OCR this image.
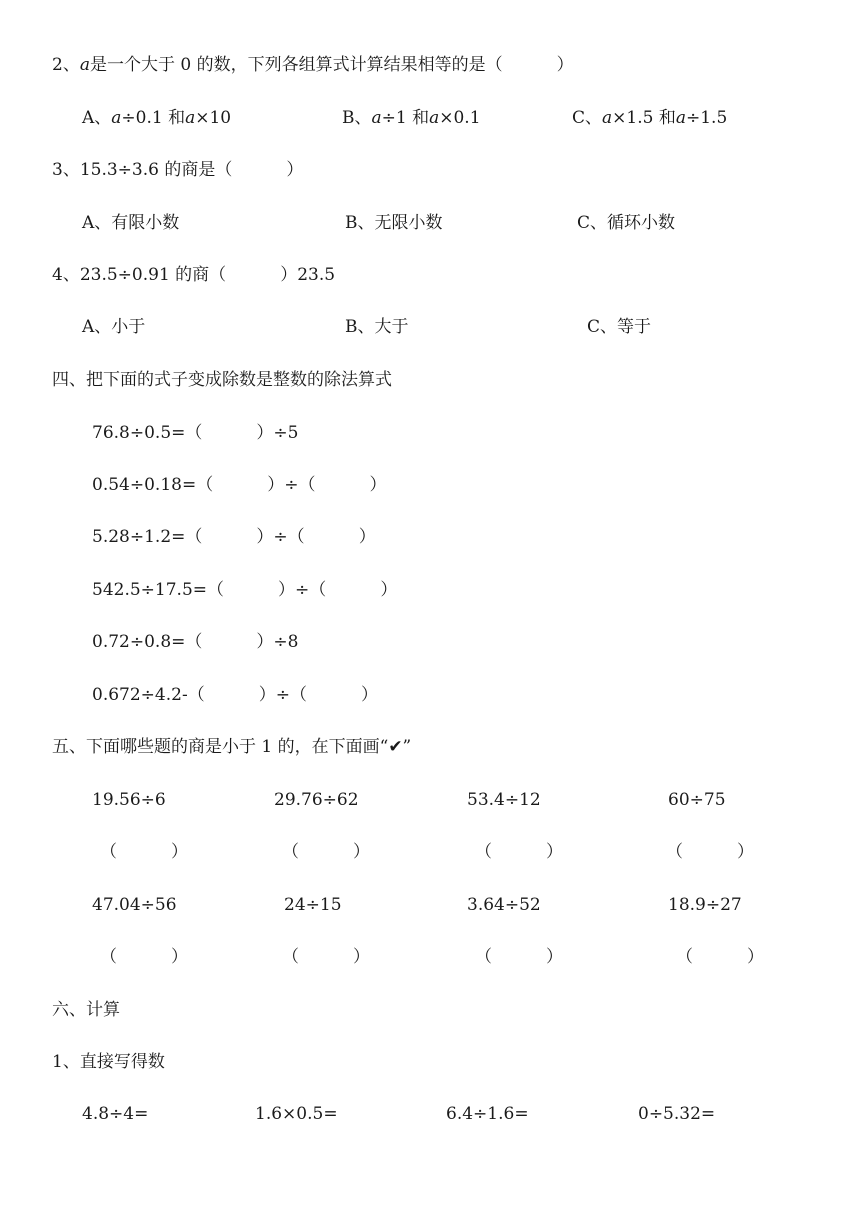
2、a是一个大于 0 的数，下列各组算式计算结果相等的是（          ）
A、a÷0.1 和a×10	B、a÷1 和a×0.1	C、a×1.5 和a÷1.5
3、15.3÷3.6 的商是（          ）
A、有限小数	B、无限小数	C、循环小数
4、23.5÷0.91 的商（          ）23.5
A、小于	B、大于	C、等于
四、把下面的式子变成除数是整数的除法算式
76.8÷0.5=（          ）÷5
0.54÷0.18=（          ）÷（          ）
5.28÷1.2=（          ）÷（          ）
542.5÷17.5=（          ）÷（          ）
0.72÷0.8=（          ）÷8
0.672÷4.2-（          ）÷（          ）
五、下面哪些题的商是小于 1 的，在下面画“✔”
19.56÷6	29.76÷62	53.4÷12	60÷75
（          ）	（          ）	（          ）	（          ）
47.04÷56	24÷15	3.64÷52	18.9÷27
（          ）	（          ）	（          ）	（          ）
六、计算
1、直接写得数
4.8÷4=	1.6×0.5=	6.4÷1.6=	0÷5.32=
